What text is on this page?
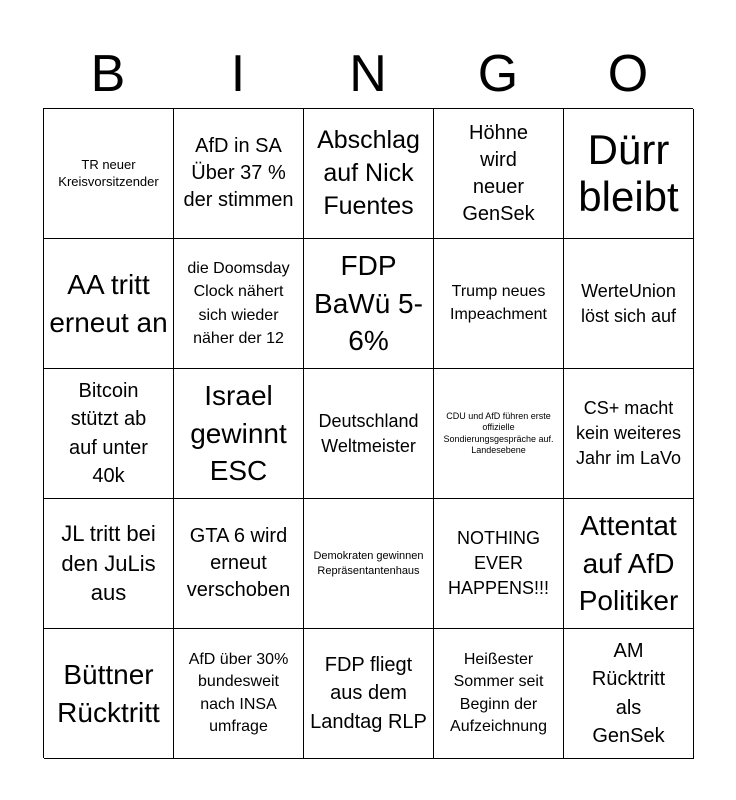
B	I	N	G	O
TR neuer Kreisvorsitzender
AfD in SA Über 37 % der stimmen
Abschlag auf Nick Fuentes
Höhne wird neuer GenSek
Dürr bleibt
AA tritt erneut an
die Doomsday Clock nähert sich wieder näher der 12
FDP BaWü 5-6%
Trump neues Impeachment
WerteUnion löst sich auf
Bitcoin stützt ab auf unter 40k
Israel gewinnt ESC
Deutschland Weltmeister
CDU und AfD führen erste offizielle Sondierungsgespräche auf. Landesebene
CS+ macht kein weiteres Jahr im LaVo
JL tritt bei den JuLis aus
GTA 6 wird erneut verschoben
Demokraten gewinnen Repräsentantenhaus
NOTHING EVER HAPPENS!!!
Attentat auf AfD Politiker
Büttner Rücktritt
AfD über 30% bundesweit nach INSA umfrage
FDP fliegt aus dem Landtag RLP
Heißester Sommer seit Beginn der Aufzeichnung
AM Rücktritt als GenSek
